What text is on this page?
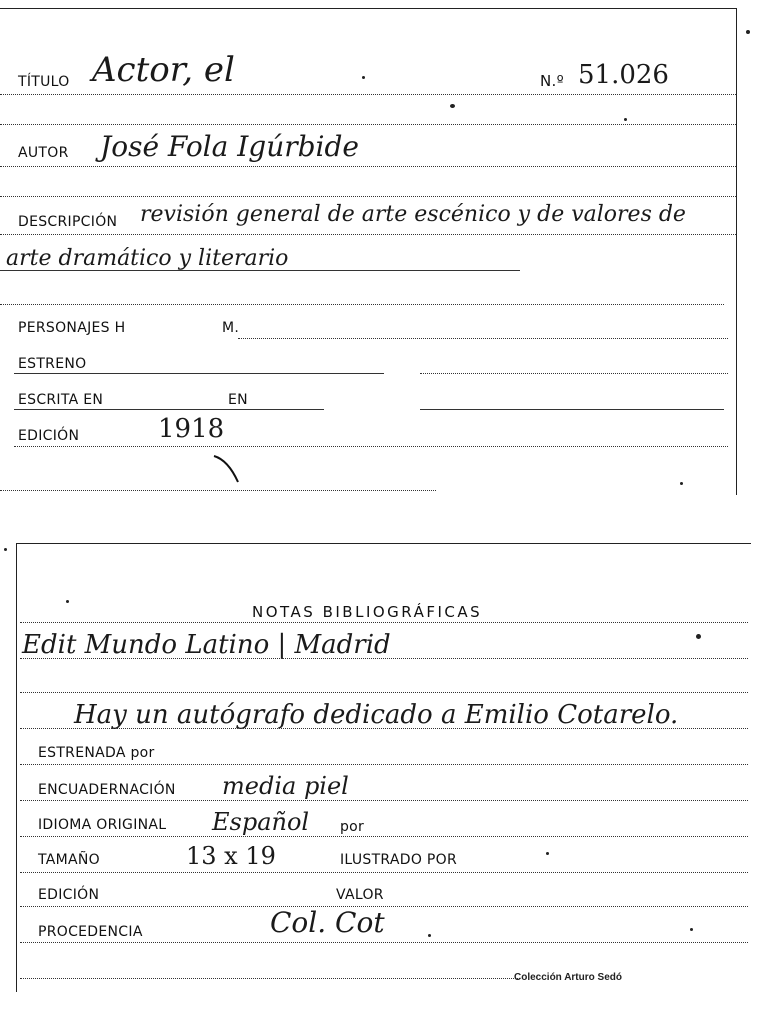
TÍTULO Actor, el	N.º 51.026
AUTOR José Fola Igúrbide
DESCRIPCIÓN revisión general de arte escénico y de valores de
arte dramático y literario
PERSONAJES H	M.
ESTRENO
ESCRITA EN	EN
EDICIÓN	1918
NOTAS BIBLIOGRÁFICAS
Edit Mundo Latino | Madrid
Hay un autógrafo dedicado a Emilio Cotarelo.
ESTRENADA por
ENCUADERNACIÓN media piel
IDIOMA ORIGINAL Español por
TAMAÑO	13 x 19	ILUSTRADO POR
EDICIÓN	VALOR
PROCEDENCIA	Col. Cot
Colección Arturo Sedó
